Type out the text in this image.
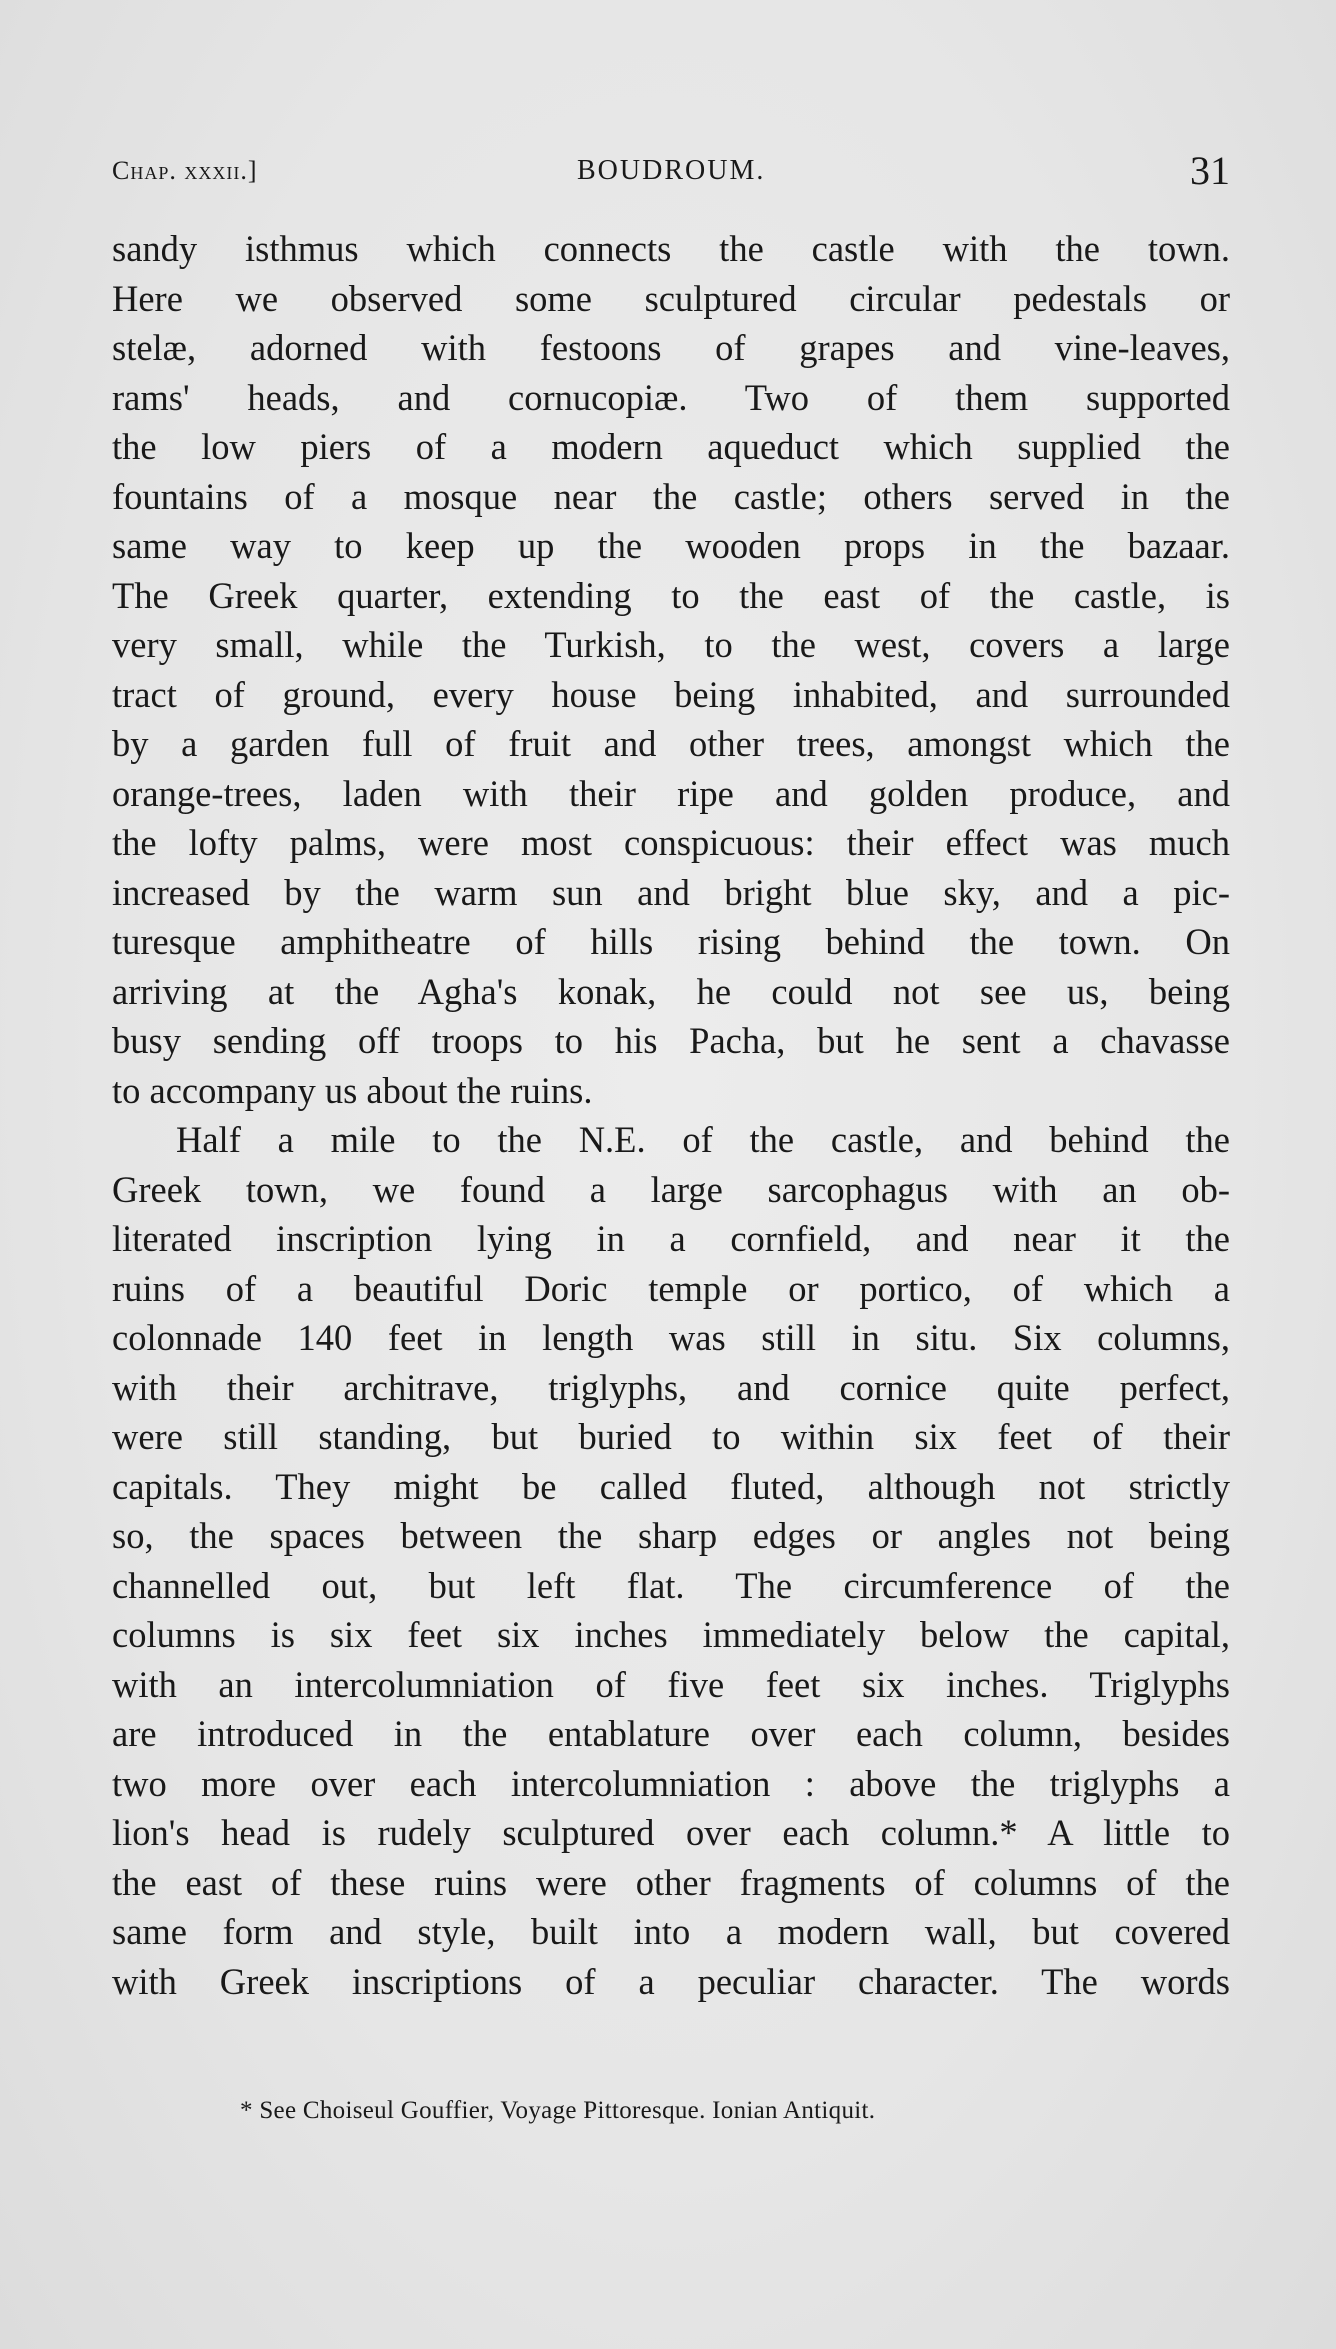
Chap. xxxii.]	BOUDROUM.	31
sandy isthmus which connects the castle with the town.
Here we observed some sculptured circular pedestals or
stelæ, adorned with festoons of grapes and vine-leaves,
rams' heads, and cornucopiæ. Two of them supported
the low piers of a modern aqueduct which supplied the
fountains of a mosque near the castle; others served in the
same way to keep up the wooden props in the bazaar.
The Greek quarter, extending to the east of the castle, is
very small, while the Turkish, to the west, covers a large
tract of ground, every house being inhabited, and surrounded
by a garden full of fruit and other trees, amongst which the
orange-trees, laden with their ripe and golden produce, and
the lofty palms, were most conspicuous: their effect was much
increased by the warm sun and bright blue sky, and a pic-
turesque amphitheatre of hills rising behind the town. On
arriving at the Agha's konak, he could not see us, being
busy sending off troops to his Pacha, but he sent a chavasse
to accompany us about the ruins.
Half a mile to the N.E. of the castle, and behind the
Greek town, we found a large sarcophagus with an ob-
literated inscription lying in a cornfield, and near it the
ruins of a beautiful Doric temple or portico, of which a
colonnade 140 feet in length was still in situ. Six columns,
with their architrave, triglyphs, and cornice quite perfect,
were still standing, but buried to within six feet of their
capitals. They might be called fluted, although not strictly
so, the spaces between the sharp edges or angles not being
channelled out, but left flat. The circumference of the
columns is six feet six inches immediately below the capital,
with an intercolumniation of five feet six inches. Triglyphs
are introduced in the entablature over each column, besides
two more over each intercolumniation : above the triglyphs a
lion's head is rudely sculptured over each column.* A little to
the east of these ruins were other fragments of columns of the
same form and style, built into a modern wall, but covered
with Greek inscriptions of a peculiar character. The words
* See Choiseul Gouffier, Voyage Pittoresque. Ionian Antiquit.
